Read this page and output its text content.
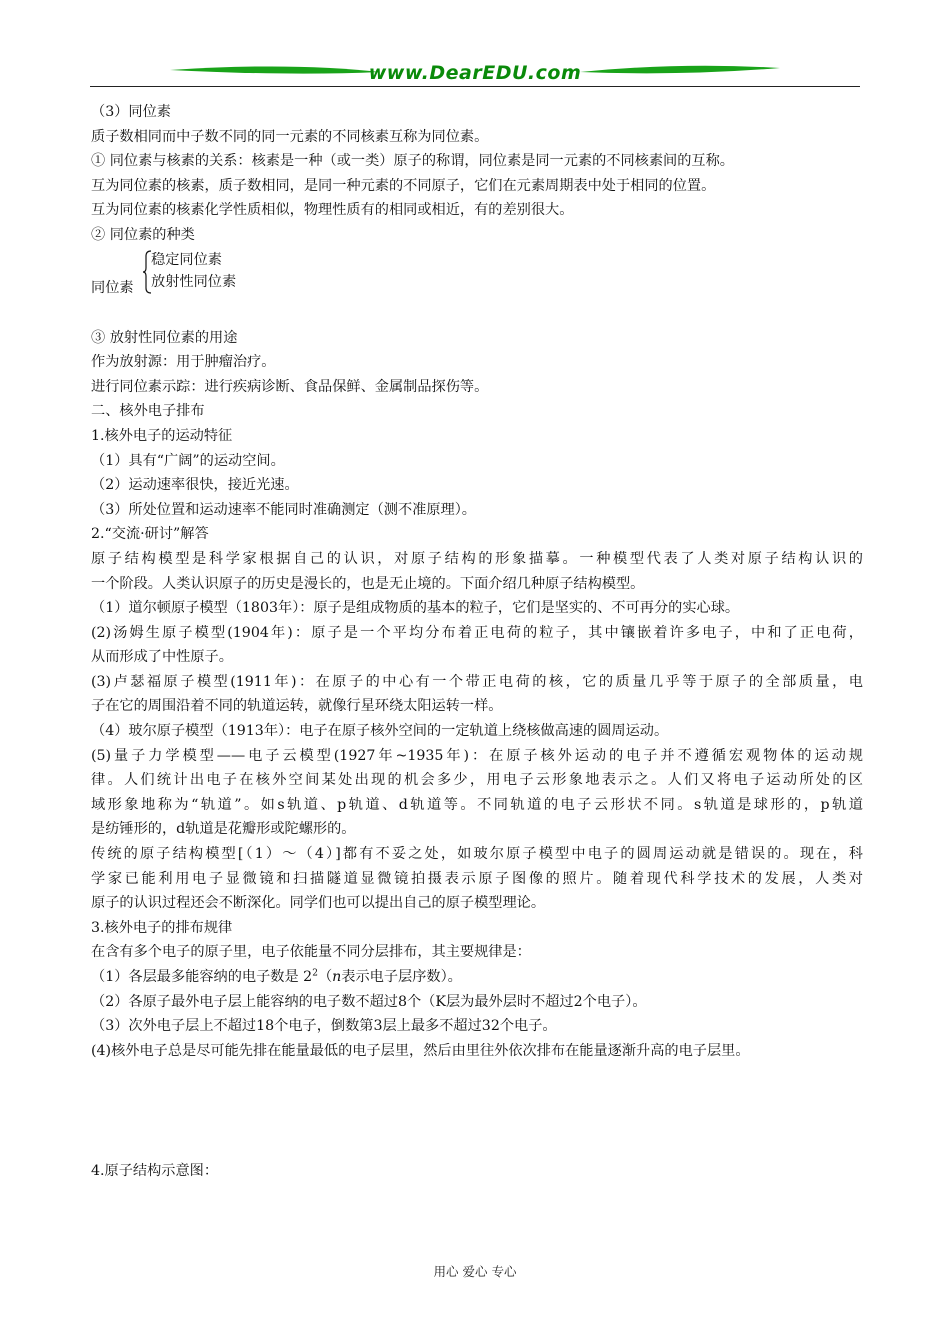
www.DearEDU.com
（3）同位素
质子数相同而中子数不同的同一元素的不同核素互称为同位素。
① 同位素与核素的关系：核素是一种（或一类）原子的称谓，同位素是同一元素的不同核素间的互称。
互为同位素的核素，质子数相同，是同一种元素的不同原子，它们在元素周期表中处于相同的位置。
互为同位素的核素化学性质相似，物理性质有的相同或相近，有的差别很大。
② 同位素的种类
同位素
稳定同位素
放射性同位素
③ 放射性同位素的用途
作为放射源：用于肿瘤治疗。
进行同位素示踪：进行疾病诊断、食品保鲜、金属制品探伤等。
二、核外电子排布
1.核外电子的运动特征
（1）具有“广阔”的运动空间。
（2）运动速率很快，接近光速。
（3）所处位置和运动速率不能同时准确测定（测不准原理）。
2.“交流·研讨”解答
原子结构模型是科学家根据自己的认识，对原子结构的形象描摹。一种模型代表了人类对原子结构认识的
一个阶段。人类认识原子的历史是漫长的，也是无止境的。下面介绍几种原子结构模型。
（1）道尔顿原子模型（1803年）：原子是组成物质的基本的粒子，它们是坚实的、不可再分的实心球。
(2)汤姆生原子模型(1904年)：原子是一个平均分布着正电荷的粒子，其中镶嵌着许多电子，中和了正电荷，
从而形成了中性原子。
(3)卢瑟福原子模型(1911年)：在原子的中心有一个带正电荷的核，它的质量几乎等于原子的全部质量，电
子在它的周围沿着不同的轨道运转，就像行星环绕太阳运转一样。
（4）玻尔原子模型（1913年）：电子在原子核外空间的一定轨道上绕核做高速的圆周运动。
(5)量子力学模型——电子云模型(1927年~1935年)：在原子核外运动的电子并不遵循宏观物体的运动规
律。人们统计出电子在核外空间某处出现的机会多少，用电子云形象地表示之。人们又将电子运动所处的区
域形象地称为“轨道”。如s轨道、p轨道、d轨道等。不同轨道的电子云形状不同。s轨道是球形的，p轨道
是纺锤形的，d轨道是花瓣形或陀螺形的。
传统的原子结构模型[（1）～（4）]都有不妥之处，如玻尔原子模型中电子的圆周运动就是错误的。现在，科
学家已能利用电子显微镜和扫描隧道显微镜拍摄表示原子图像的照片。随着现代科学技术的发展，人类对
原子的认识过程还会不断深化。同学们也可以提出自己的原子模型理论。
3.核外电子的排布规律
在含有多个电子的原子里，电子依能量不同分层排布，其主要规律是：
（1）各层最多能容纳的电子数是 $2^2(n$表示电子层序数）。
（2）各原子最外电子层上能容纳的电子数不超过8个（K层为最外层时不超过2个电子）。
（3）次外电子层上不超过18个电子，倒数第3层上最多不超过32个电子。
(4)核外电子总是尽可能先排在能量最低的电子层里，然后由里往外依次排布在能量逐渐升高的电子层里。
4.原子结构示意图：
用心 爱心 专心
